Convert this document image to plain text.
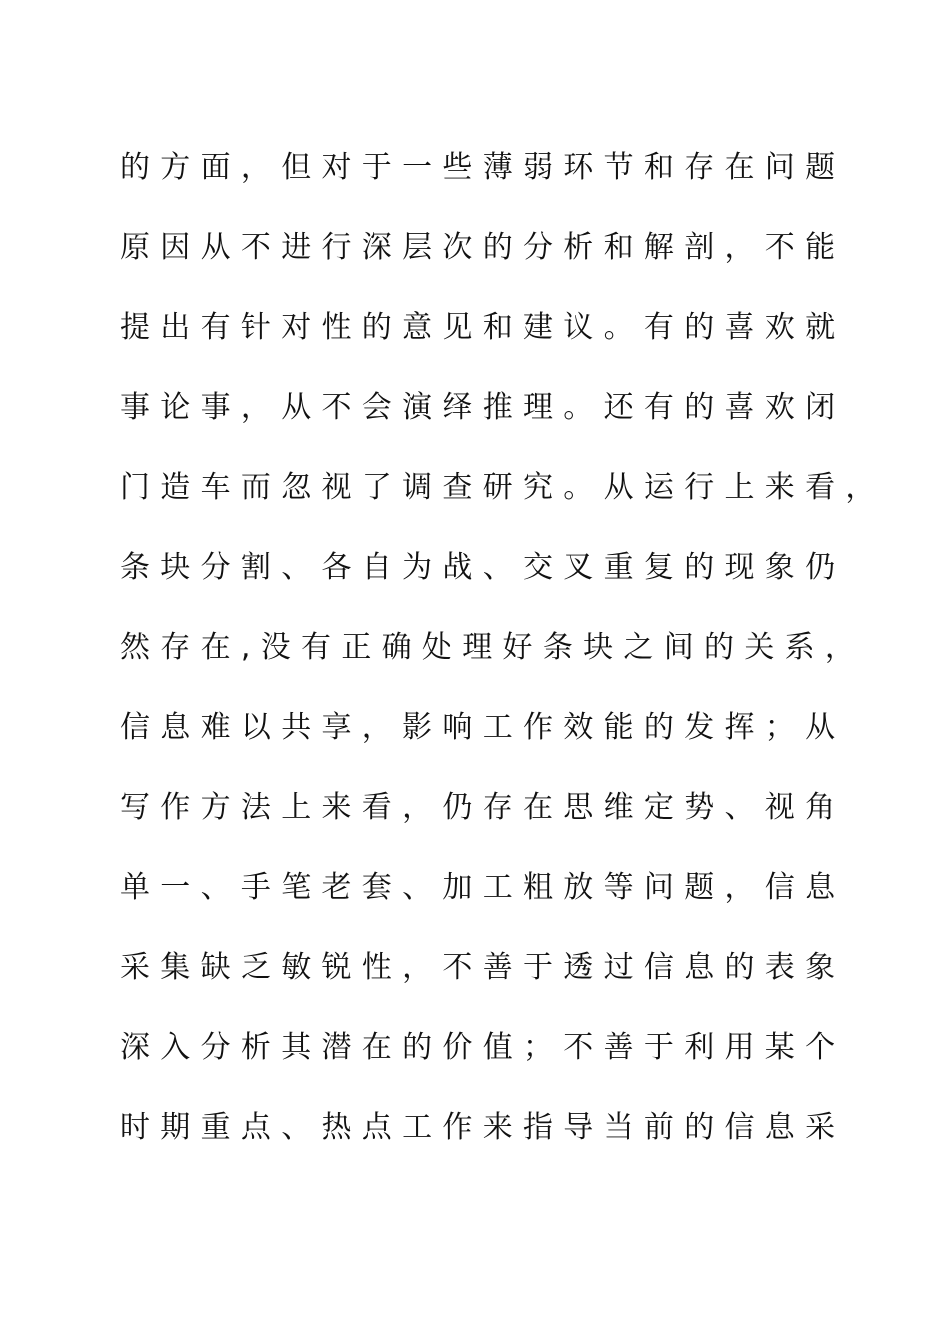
的方面，但对于一些薄弱环节和存在问题
原因从不进行深层次的分析和解剖，不能
提出有针对性的意见和建议。有的喜欢就
事论事，从不会演绎推理。还有的喜欢闭
门造车而忽视了调查研究。从运行上来看，
条块分割、各自为战、交叉重复的现象仍
然存在,没有正确处理好条块之间的关系，
信息难以共享，影响工作效能的发挥；从
写作方法上来看，仍存在思维定势、视角
单一、手笔老套、加工粗放等问题，信息
采集缺乏敏锐性，不善于透过信息的表象
深入分析其潜在的价值；不善于利用某个
时期重点、热点工作来指导当前的信息采
